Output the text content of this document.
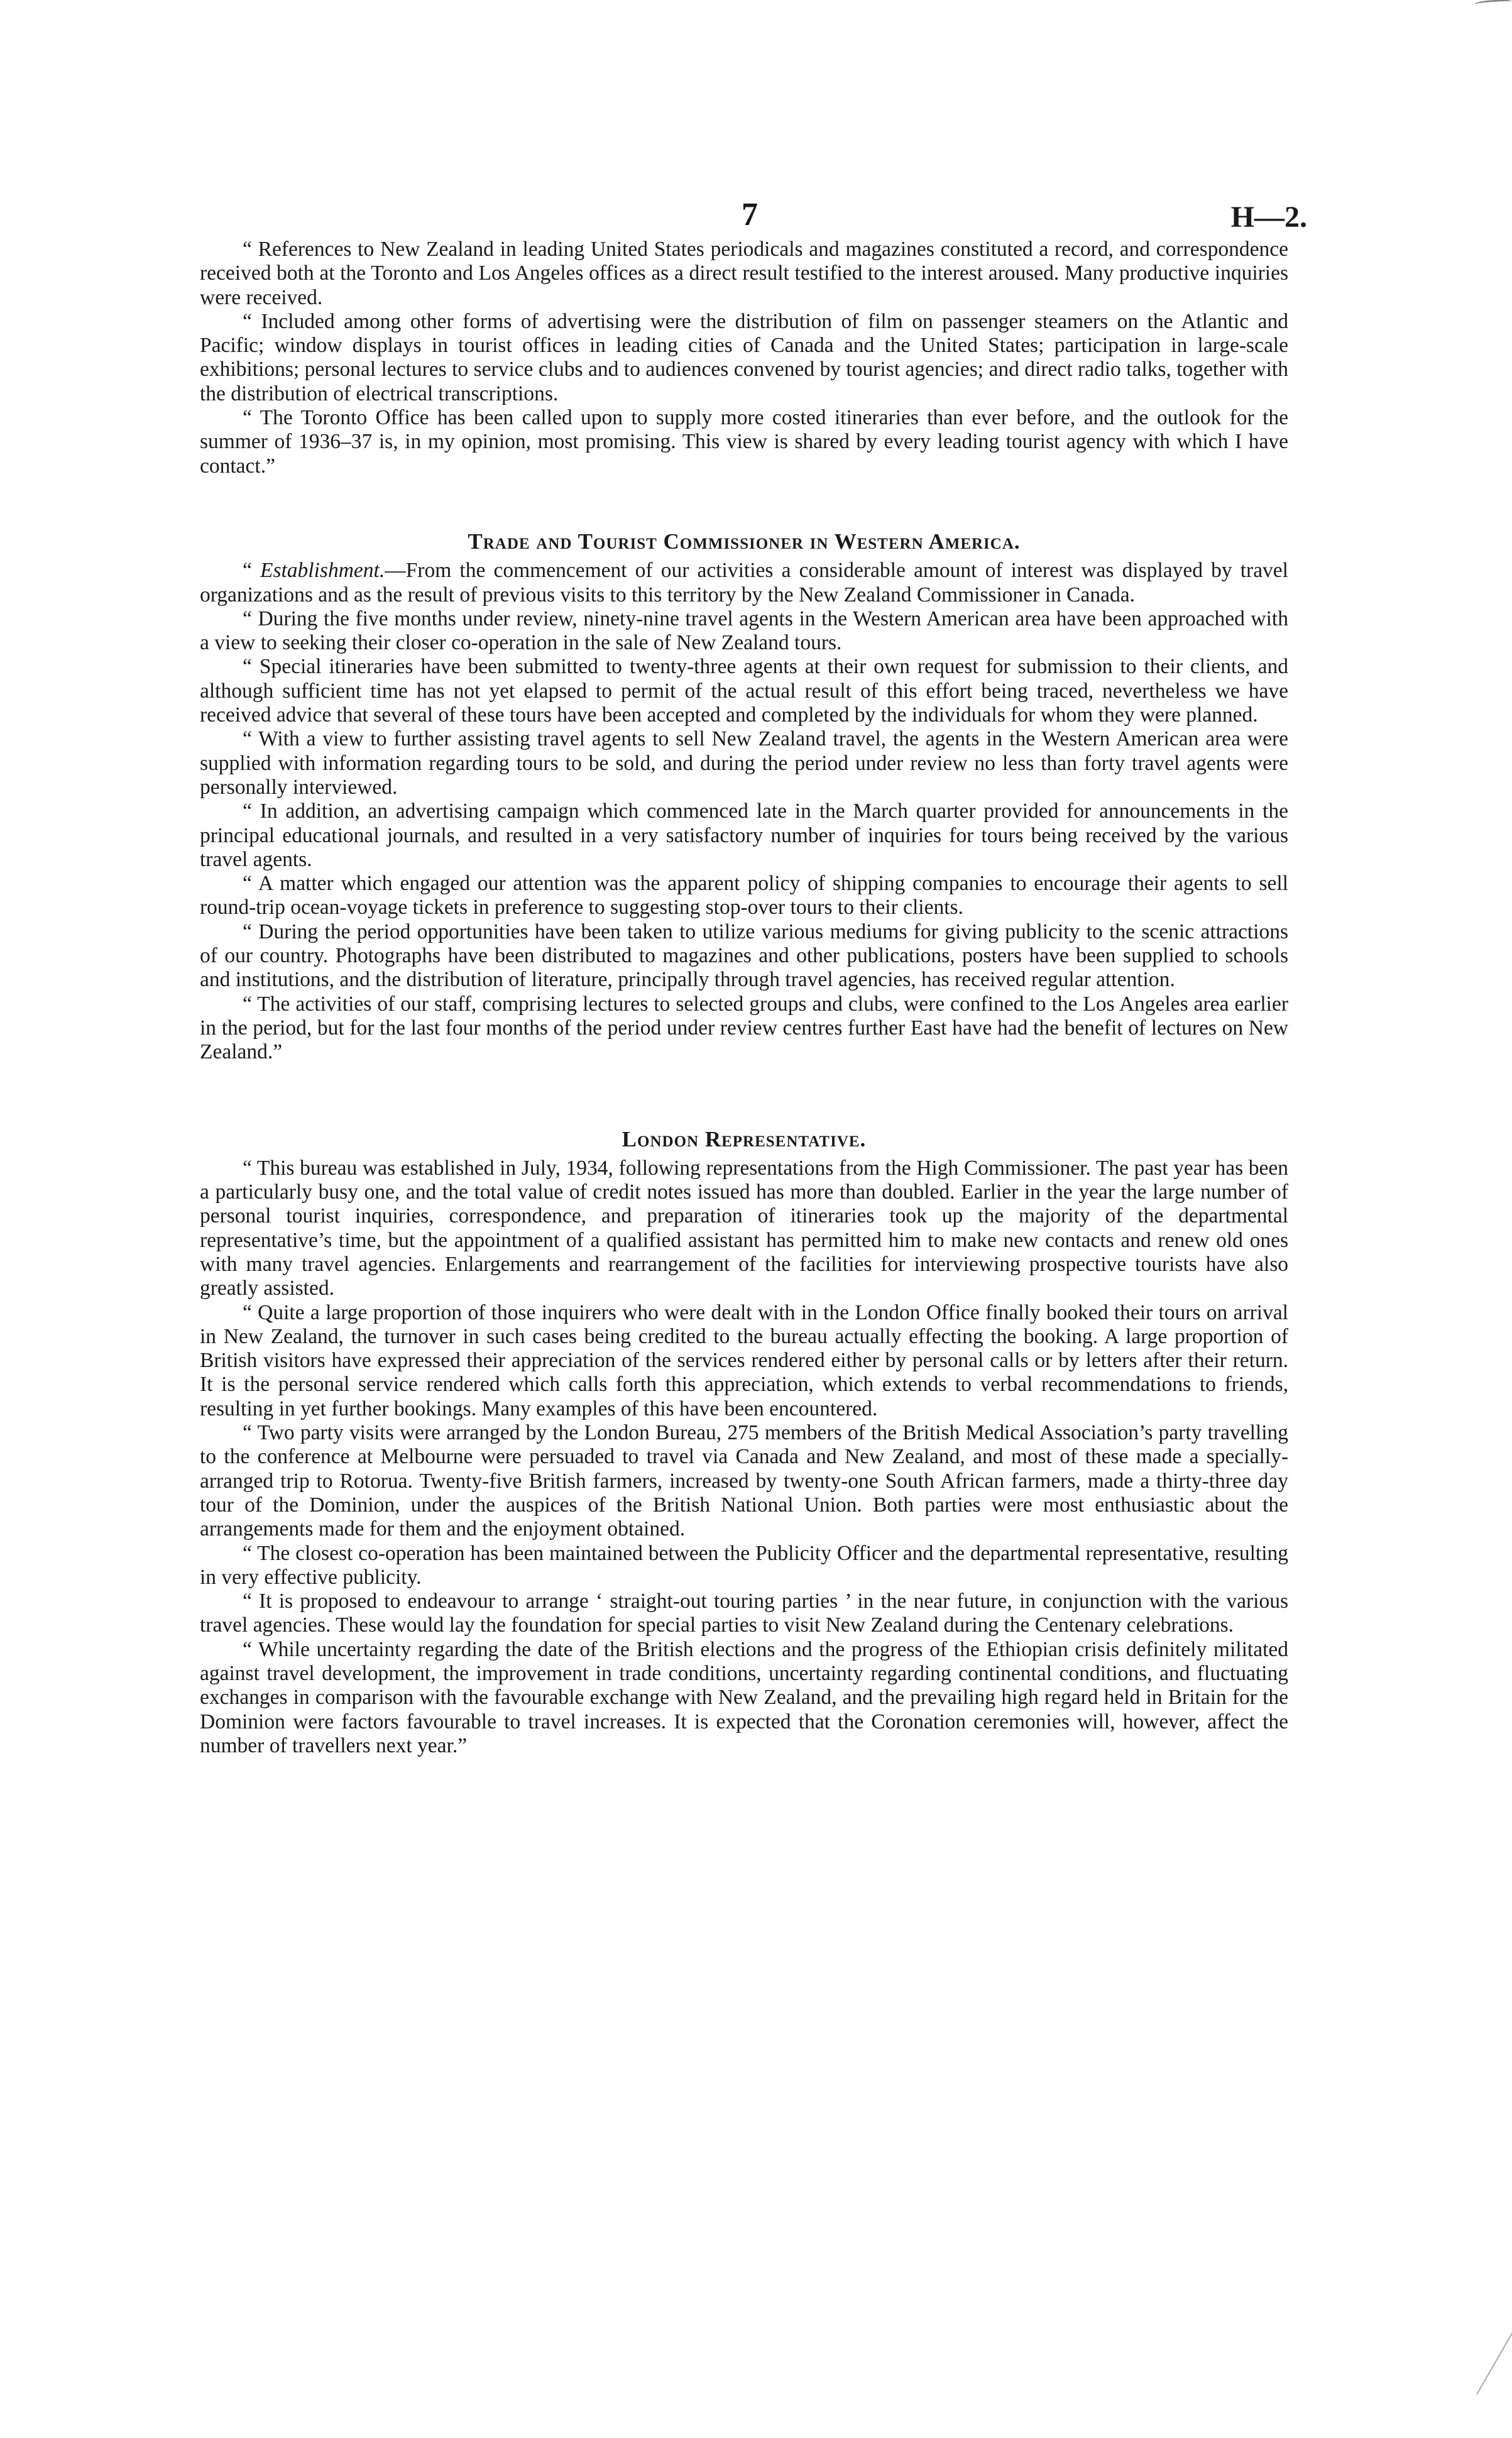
7	H—2.

“ References to New Zealand in leading United States periodicals and magazines constituted a record, and correspondence received both at the Toronto and Los Angeles offices as a direct result testified to the interest aroused. Many productive inquiries were received.

“ Included among other forms of advertising were the distribution of film on passenger steamers on the Atlantic and Pacific; window displays in tourist offices in leading cities of Canada and the United States; participation in large-scale exhibitions; personal lectures to service clubs and to audiences convened by tourist agencies; and direct radio talks, together with the distribution of electrical transcriptions.

“ The Toronto Office has been called upon to supply more costed itineraries than ever before, and the outlook for the summer of 1936–37 is, in my opinion, most promising. This view is shared by every leading tourist agency with which I have contact.”

Trade and Tourist Commissioner in Western America.

“ Establishment.—From the commencement of our activities a considerable amount of interest was displayed by travel organizations and as the result of previous visits to this territory by the New Zealand Commissioner in Canada.

“ During the five months under review, ninety-nine travel agents in the Western American area have been approached with a view to seeking their closer co-operation in the sale of New Zealand tours.

“ Special itineraries have been submitted to twenty-three agents at their own request for submission to their clients, and although sufficient time has not yet elapsed to permit of the actual result of this effort being traced, nevertheless we have received advice that several of these tours have been accepted and completed by the individuals for whom they were planned.

“ With a view to further assisting travel agents to sell New Zealand travel, the agents in the Western American area were supplied with information regarding tours to be sold, and during the period under review no less than forty travel agents were personally interviewed.

“ In addition, an advertising campaign which commenced late in the March quarter provided for announcements in the principal educational journals, and resulted in a very satisfactory number of inquiries for tours being received by the various travel agents.

“ A matter which engaged our attention was the apparent policy of shipping companies to encourage their agents to sell round-trip ocean-voyage tickets in preference to suggesting stop-over tours to their clients.

“ During the period opportunities have been taken to utilize various mediums for giving publicity to the scenic attractions of our country. Photographs have been distributed to magazines and other publications, posters have been supplied to schools and institutions, and the distribution of literature, principally through travel agencies, has received regular attention.

“ The activities of our staff, comprising lectures to selected groups and clubs, were confined to the Los Angeles area earlier in the period, but for the last four months of the period under review centres further East have had the benefit of lectures on New Zealand.”

London Representative.

“ This bureau was established in July, 1934, following representations from the High Commissioner. The past year has been a particularly busy one, and the total value of credit notes issued has more than doubled. Earlier in the year the large number of personal tourist inquiries, correspondence, and preparation of itineraries took up the majority of the departmental representative’s time, but the appointment of a qualified assistant has permitted him to make new contacts and renew old ones with many travel agencies. Enlargements and rearrangement of the facilities for interviewing prospective tourists have also greatly assisted.

“ Quite a large proportion of those inquirers who were dealt with in the London Office finally booked their tours on arrival in New Zealand, the turnover in such cases being credited to the bureau actually effecting the booking. A large proportion of British visitors have expressed their appreciation of the services rendered either by personal calls or by letters after their return. It is the personal service rendered which calls forth this appreciation, which extends to verbal recommendations to friends, resulting in yet further bookings. Many examples of this have been encountered.

“ Two party visits were arranged by the London Bureau, 275 members of the British Medical Association’s party travelling to the conference at Melbourne were persuaded to travel via Canada and New Zealand, and most of these made a specially-arranged trip to Rotorua. Twenty-five British farmers, increased by twenty-one South African farmers, made a thirty-three day tour of the Dominion, under the auspices of the British National Union. Both parties were most enthusiastic about the arrangements made for them and the enjoyment obtained.

“ The closest co-operation has been maintained between the Publicity Officer and the departmental representative, resulting in very effective publicity.

“ It is proposed to endeavour to arrange ‘ straight-out touring parties ’ in the near future, in conjunction with the various travel agencies. These would lay the foundation for special parties to visit New Zealand during the Centenary celebrations.

“ While uncertainty regarding the date of the British elections and the progress of the Ethiopian crisis definitely militated against travel development, the improvement in trade conditions, uncertainty regarding continental conditions, and fluctuating exchanges in comparison with the favourable exchange with New Zealand, and the prevailing high regard held in Britain for the Dominion were factors favourable to travel increases. It is expected that the Coronation ceremonies will, however, affect the number of travellers next year.”
